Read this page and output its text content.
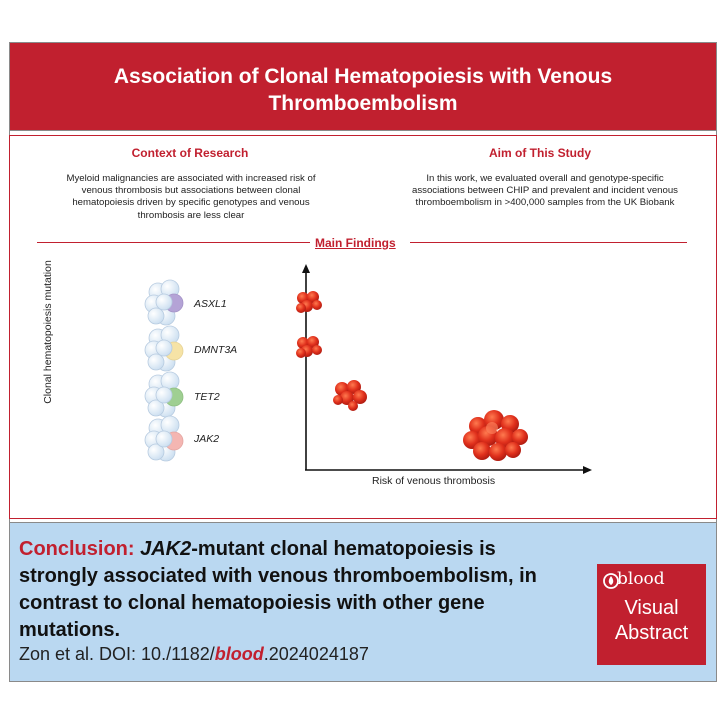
Association of Clonal Hematopoiesis with Venous Thromboembolism
Context of Research
Myeloid malignancies are associated with increased risk of venous thrombosis but associations between clonal hematopoiesis driven by specific genotypes and venous thrombosis are less clear
Aim of This Study
In this work, we evaluated overall and genotype-specific associations between CHIP and prevalent and incident venous thromboembolism in >400,000 samples from the UK Biobank
Main Findings
Clonal hematopoiesis mutation
Risk of venous thrombosis
ASXL1
DMNT3A
TET2
JAK2
Conclusion: JAK2-mutant clonal hematopoiesis is strongly associated with venous thromboembolism, in contrast to clonal hematopoiesis with other gene mutations.
Zon et al. DOI: 10./1182/blood.2024024187
blood
Visual
Abstract
